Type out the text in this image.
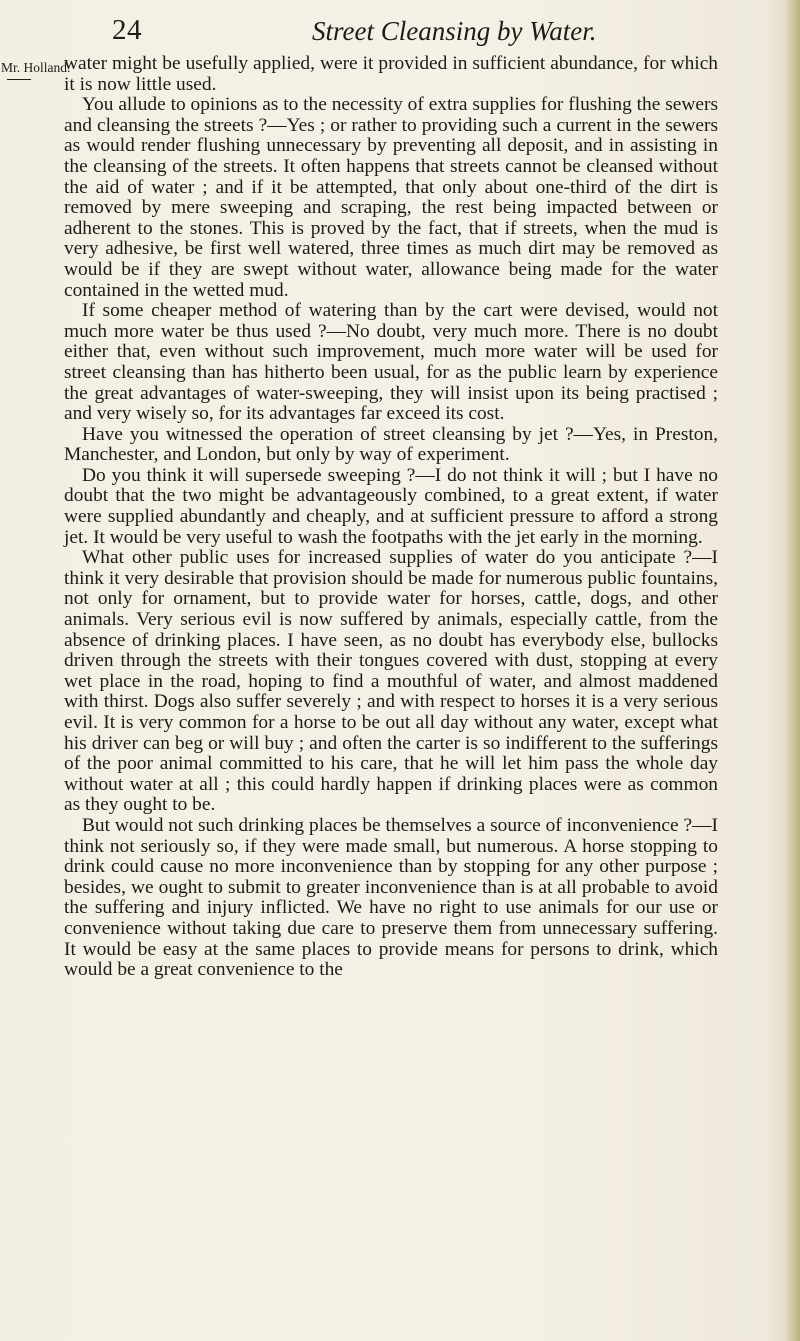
24	Street Cleansing by Water.
Mr. Holland.

water might be usefully applied, were it provided in sufficient abundance, for which it is now little used.

You allude to opinions as to the necessity of extra supplies for flushing the sewers and cleansing the streets ?—Yes ; or rather to providing such a current in the sewers as would render flushing unnecessary by preventing all deposit, and in assisting in the cleansing of the streets. It often happens that streets cannot be cleansed without the aid of water ; and if it be attempted, that only about one-third of the dirt is removed by mere sweeping and scraping, the rest being impacted between or adherent to the stones. This is proved by the fact, that if streets, when the mud is very adhesive, be first well watered, three times as much dirt may be removed as would be if they are swept without water, allowance being made for the water contained in the wetted mud.

If some cheaper method of watering than by the cart were devised, would not much more water be thus used ?—No doubt, very much more. There is no doubt either that, even without such improvement, much more water will be used for street cleansing than has hitherto been usual, for as the public learn by experience the great advantages of water-sweeping, they will insist upon its being practised ; and very wisely so, for its advantages far exceed its cost.

Have you witnessed the operation of street cleansing by jet ?—Yes, in Preston, Manchester, and London, but only by way of experiment.

Do you think it will supersede sweeping ?—I do not think it will ; but I have no doubt that the two might be advantageously combined, to a great extent, if water were supplied abundantly and cheaply, and at sufficient pressure to afford a strong jet. It would be very useful to wash the footpaths with the jet early in the morning.

What other public uses for increased supplies of water do you anticipate ?—I think it very desirable that provision should be made for numerous public fountains, not only for ornament, but to provide water for horses, cattle, dogs, and other animals. Very serious evil is now suffered by animals, especially cattle, from the absence of drinking places. I have seen, as no doubt has everybody else, bullocks driven through the streets with their tongues covered with dust, stopping at every wet place in the road, hoping to find a mouthful of water, and almost maddened with thirst. Dogs also suffer severely ; and with respect to horses it is a very serious evil. It is very common for a horse to be out all day without any water, except what his driver can beg or will buy ; and often the carter is so indifferent to the sufferings of the poor animal committed to his care, that he will let him pass the whole day without water at all ; this could hardly happen if drinking places were as common as they ought to be.

But would not such drinking places be themselves a source of inconvenience ?—I think not seriously so, if they were made small, but numerous. A horse stopping to drink could cause no more inconvenience than by stopping for any other purpose ; besides, we ought to submit to greater inconvenience than is at all probable to avoid the suffering and injury inflicted. We have no right to use animals for our use or convenience without taking due care to preserve them from unnecessary suffering. It would be easy at the same places to provide means for persons to drink, which would be a great convenience to the
